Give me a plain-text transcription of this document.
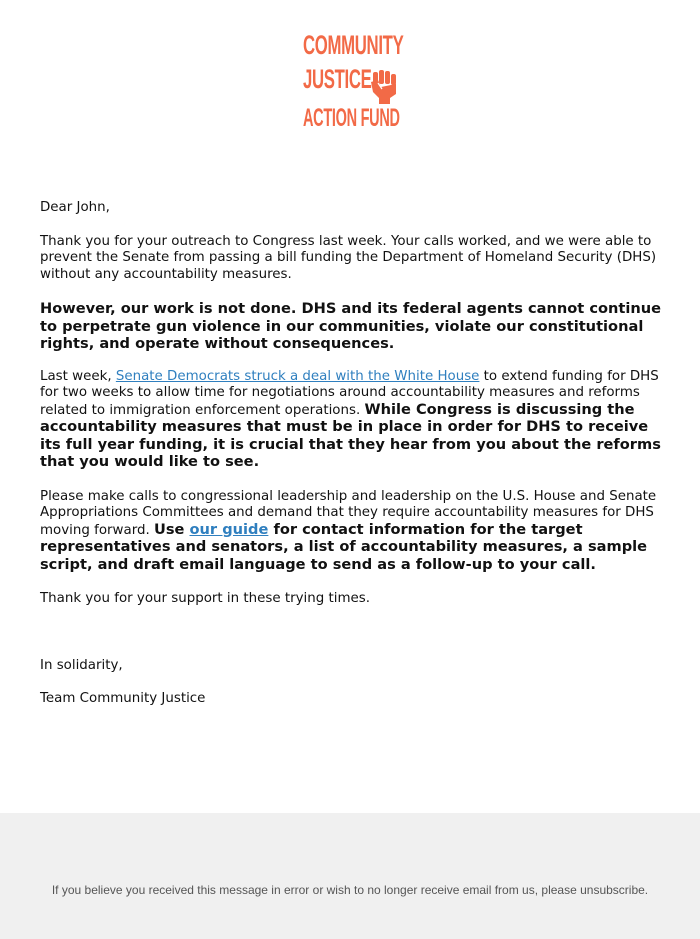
COMMUNITY
JUSTICE
ACTION FUND

Dear John,

Thank you for your outreach to Congress last week. Your calls worked, and we were able to prevent the Senate from passing a bill funding the Department of Homeland Security (DHS) without any accountability measures.

However, our work is not done. DHS and its federal agents cannot continue to perpetrate gun violence in our communities, violate our constitutional rights, and operate without consequences.

Last week, Senate Democrats struck a deal with the White House to extend funding for DHS for two weeks to allow time for negotiations around accountability measures and reforms related to immigration enforcement operations. While Congress is discussing the accountability measures that must be in place in order for DHS to receive its full year funding, it is crucial that they hear from you about the reforms that you would like to see.

Please make calls to congressional leadership and leadership on the U.S. House and Senate Appropriations Committees and demand that they require accountability measures for DHS moving forward. Use our guide for contact information for the target representatives and senators, a list of accountability measures, a sample script, and draft email language to send as a follow-up to your call.

Thank you for your support in these trying times.

In solidarity,

Team Community Justice

If you believe you received this message in error or wish to no longer receive email from us, please unsubscribe.
